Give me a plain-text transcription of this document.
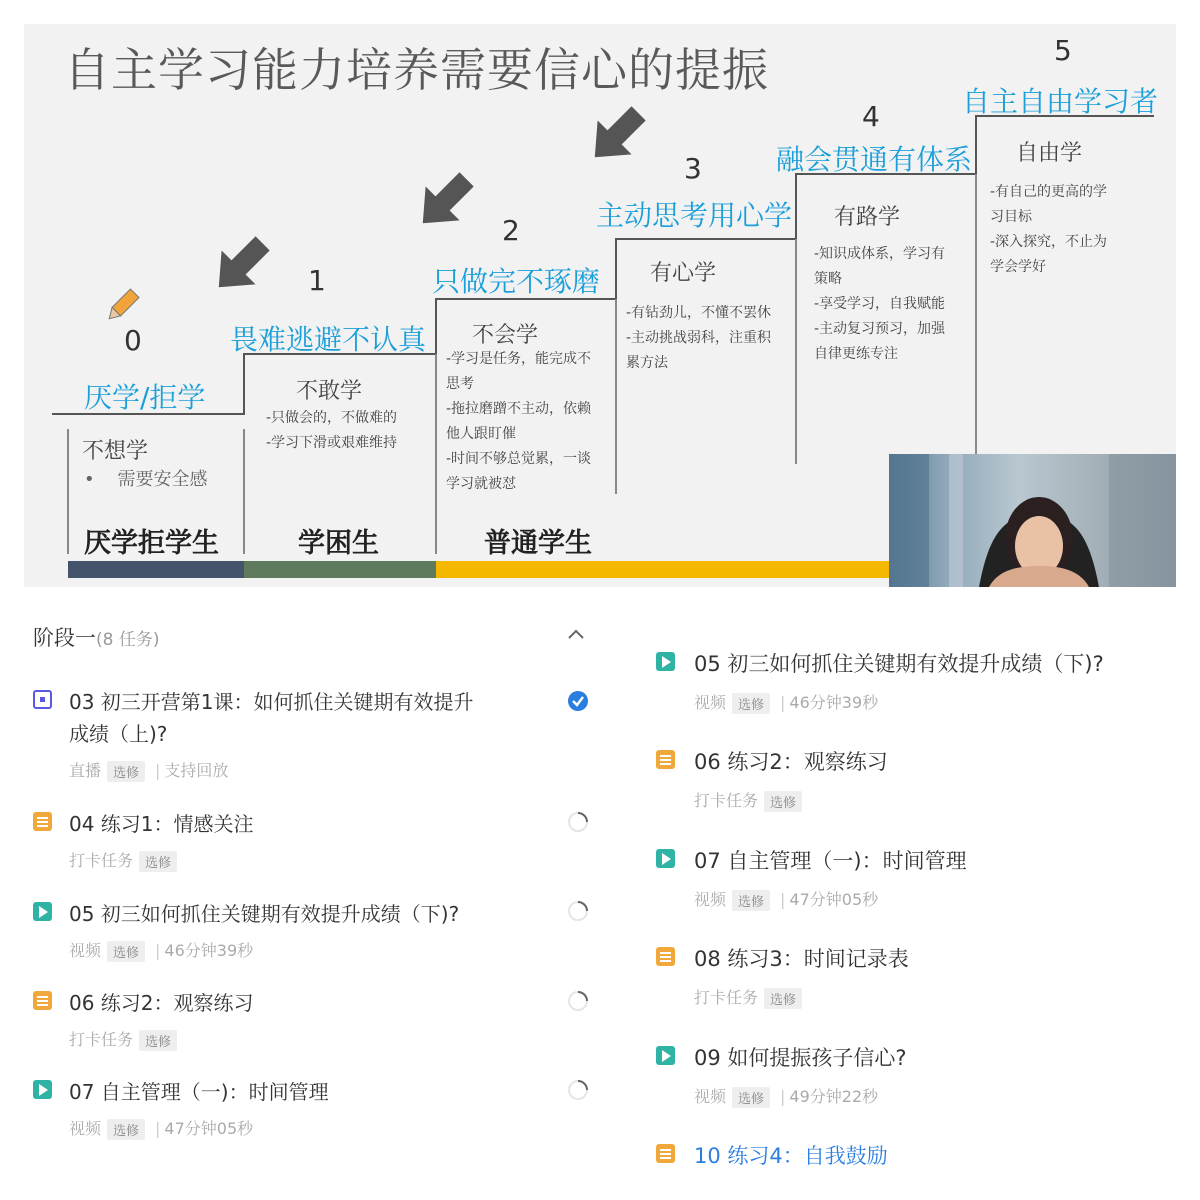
自主学习能力培养需要信心的提振
0
1
2
3
4
5
厌学/拒学
畏难逃避不认真
只做完不琢磨
主动思考用心学
融会贯通有体系
自主自由学习者
不想学
不敢学
不会学
有心学
有路学
自由学
• 需要安全感
-只做会的，不做难的
-学习下滑或艰难维持
-学习是任务，能完成不
思考
-拖拉磨蹭不主动，依赖
他人跟盯催
-时间不够总觉累，一谈
学习就被怼
-有钻劲儿，不懂不罢休
-主动挑战弱科，注重积
累方法
-知识成体系，学习有
策略
-享受学习，自我赋能
-主动复习预习，加强
自律更练专注
-有自己的更高的学
习目标
-深入探究，不止为
学会学好
厌学拒学生	学困生	普通学生
阶段一(8 任务)
03 初三开营第1课：如何抓住关键期有效提升
成绩（上)?
直播 选修 | 支持回放
04 练习1：情感关注
打卡任务 选修
05 初三如何抓住关键期有效提升成绩（下)?
视频 选修 | 46分钟39秒
06 练习2：观察练习
打卡任务 选修
07 自主管理（一)：时间管理
视频 选修 | 47分钟05秒
05 初三如何抓住关键期有效提升成绩（下)?
视频 选修 | 46分钟39秒
06 练习2：观察练习
打卡任务 选修
07 自主管理（一)：时间管理
视频 选修 | 47分钟05秒
08 练习3：时间记录表
打卡任务 选修
09 如何提振孩子信心?
视频 选修 | 49分钟22秒
10 练习4：自我鼓励
